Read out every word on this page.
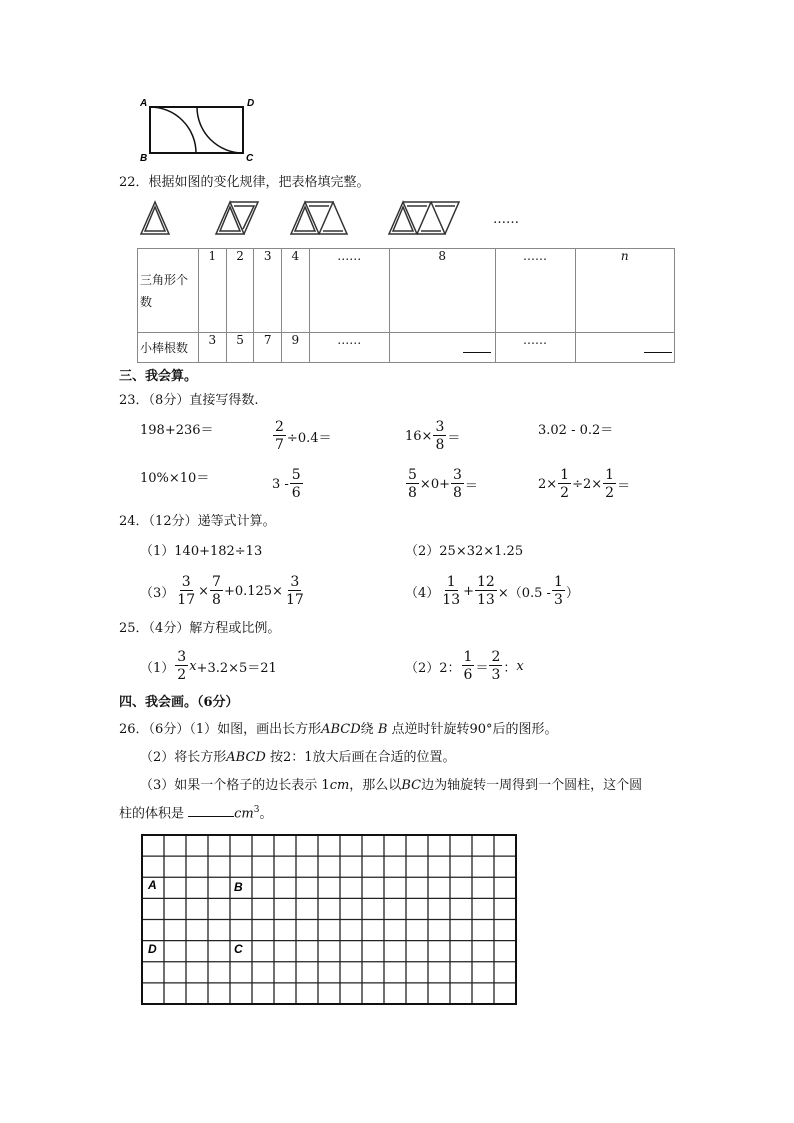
A	D
B	C
22．根据如图的变化规律，把表格填完整。
……
三角形个数	1	2	3	4	……	8	……	n
小棒根数	3	5	7	9	……		……	
三、我会算。
23．（8分）直接写得数.
198+236＝	$\frac{2}{7} \div 0.4=$	$16\times \frac{3}{8}$ ＝	3.02 - 0.2＝
10%×10＝	$3 - \frac{5}{6}$	$\frac{5}{8} \times 0+ \frac{3}{8}$ ＝	$2\times \frac{1}{2} \div 2\times \frac{1}{2}$ ＝
24．（12分）递等式计算。
（1）140+182÷13	（2）25×32×1.25
$(3) \frac{3}{17} \times \frac{7}{8} +0.125\times \frac{3}{17}$	$(4) \frac{1}{13} + \frac{12}{13} \times(0.5 - \frac{1}{3}$ ）
25．（4分）解方程或比例。
$(1) \frac{3}{2}$ x +3.2×5＝21	（2）2： $\frac{1}{6} = \frac{2}{3}$ ： x
四、我会画。（6分）
26．（6分）（1）如图，画出长方形ABCD绕 B 点逆时针旋转90°后的图形。
（2）将长方形ABCD 按2：1放大后画在合适的位置。
（3）如果一个格子的边长表示 1cm，那么以BC边为轴旋转一周得到一个圆柱，这个圆
柱的体积是	$cm^3$。
A	B
D	C
